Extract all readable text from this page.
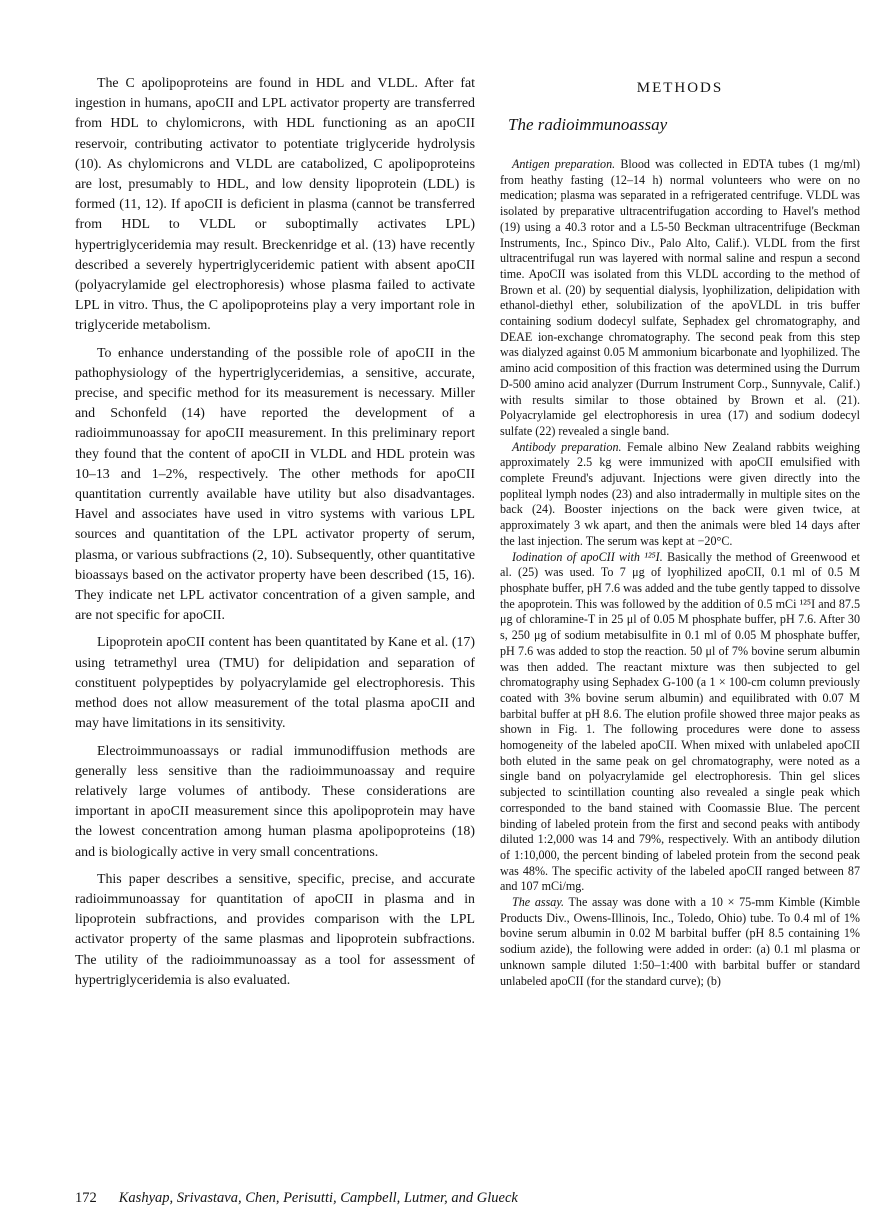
The C apolipoproteins are found in HDL and VLDL. After fat ingestion in humans, apoCII and LPL activator property are transferred from HDL to chylomicrons, with HDL functioning as an apoCII reservoir, contributing activator to potentiate triglyceride hydrolysis (10). As chylomicrons and VLDL are catabolized, C apolipoproteins are lost, presumably to HDL, and low density lipoprotein (LDL) is formed (11, 12). If apoCII is deficient in plasma (cannot be transferred from HDL to VLDL or suboptimally activates LPL) hypertriglyceridemia may result. Breckenridge et al. (13) have recently described a severely hypertriglyceridemic patient with absent apoCII (polyacrylamide gel electrophoresis) whose plasma failed to activate LPL in vitro. Thus, the C apolipoproteins play a very important role in triglyceride metabolism.

To enhance understanding of the possible role of apoCII in the pathophysiology of the hypertriglyceridemias, a sensitive, accurate, precise, and specific method for its measurement is necessary. Miller and Schonfeld (14) have reported the development of a radioimmunoassay for apoCII measurement. In this preliminary report they found that the content of apoCII in VLDL and HDL protein was 10–13 and 1–2%, respectively. The other methods for apoCII quantitation currently available have utility but also disadvantages. Havel and associates have used in vitro systems with various LPL sources and quantitation of the LPL activator property of serum, plasma, or various subfractions (2, 10). Subsequently, other quantitative bioassays based on the activator property have been described (15, 16). They indicate net LPL activator concentration of a given sample, and are not specific for apoCII.

Lipoprotein apoCII content has been quantitated by Kane et al. (17) using tetramethyl urea (TMU) for delipidation and separation of constituent polypeptides by polyacrylamide gel electrophoresis. This method does not allow measurement of the total plasma apoCII and may have limitations in its sensitivity.

Electroimmunoassays or radial immunodiffusion methods are generally less sensitive than the radioimmunoassay and require relatively large volumes of antibody. These considerations are important in apoCII measurement since this apolipoprotein may have the lowest concentration among human plasma apolipoproteins (18) and is biologically active in very small concentrations.

This paper describes a sensitive, specific, precise, and accurate radioimmunoassay for quantitation of apoCII in plasma and in lipoprotein subfractions, and provides comparison with the LPL activator property of the same plasmas and lipoprotein subfractions. The utility of the radioimmunoassay as a tool for assessment of hypertriglyceridemia is also evaluated.

METHODS
The radioimmunoassay

Antigen preparation. Blood was collected in EDTA tubes (1 mg/ml) from heathy fasting (12–14 h) normal volunteers who were on no medication; plasma was separated in a refrigerated centrifuge. VLDL was isolated by preparative ultracentrifugation according to Havel's method (19) using a 40.3 rotor and a L5-50 Beckman ultracentrifuge (Beckman Instruments, Inc., Spinco Div., Palo Alto, Calif.). VLDL from the first ultracentrifugal run was layered with normal saline and respun a second time. ApoCII was isolated from this VLDL according to the method of Brown et al. (20) by sequential dialysis, lyophilization, delipidation with ethanol-diethyl ether, solubilization of the apoVLDL in tris buffer containing sodium dodecyl sulfate, Sephadex gel chromatography, and DEAE ion-exchange chromatography. The second peak from this step was dialyzed against 0.05 M ammonium bicarbonate and lyophilized. The amino acid composition of this fraction was determined using the Durrum D-500 amino acid analyzer (Durrum Instrument Corp., Sunnyvale, Calif.) with results similar to those obtained by Brown et al. (21). Polyacrylamide gel electrophoresis in urea (17) and sodium dodecyl sulfate (22) revealed a single band.

Antibody preparation. Female albino New Zealand rabbits weighing approximately 2.5 kg were immunized with apoCII emulsified with complete Freund's adjuvant. Injections were given directly into the popliteal lymph nodes (23) and also intradermally in multiple sites on the back (24). Booster injections on the back were given twice, at approximately 3 wk apart, and then the animals were bled 14 days after the last injection. The serum was kept at −20°C.

Iodination of apoCII with ¹²⁵I. Basically the method of Greenwood et al. (25) was used. To 7 μg of lyophilized apoCII, 0.1 ml of 0.5 M phosphate buffer, pH 7.6 was added and the tube gently tapped to dissolve the apoprotein. This was followed by the addition of 0.5 mCi ¹²⁵I and 87.5 μg of chloramine-T in 25 μl of 0.05 M phosphate buffer, pH 7.6. After 30 s, 250 μg of sodium metabisulfite in 0.1 ml of 0.05 M phosphate buffer, pH 7.6 was added to stop the reaction. 50 μl of 7% bovine serum albumin was then added. The reactant mixture was then subjected to gel chromatography using Sephadex G-100 (a 1 × 100-cm column previously coated with 3% bovine serum albumin) and equilibrated with 0.07 M barbital buffer at pH 8.6. The elution profile showed three major peaks as shown in Fig. 1. The following procedures were done to assess homogeneity of the labeled apoCII. When mixed with unlabeled apoCII both eluted in the same peak on gel chromatography, were noted as a single band on polyacrylamide gel electrophoresis. Thin gel slices subjected to scintillation counting also revealed a single peak which corresponded to the band stained with Coomassie Blue. The percent binding of labeled protein from the first and second peaks with antibody diluted 1:2,000 was 14 and 79%, respectively. With an antibody dilution of 1:10,000, the percent binding of labeled protein from the second peak was 48%. The specific activity of the labeled apoCII ranged between 87 and 107 mCi/mg.

The assay. The assay was done with a 10 × 75-mm Kimble (Kimble Products Div., Owens-Illinois, Inc., Toledo, Ohio) tube. To 0.4 ml of 1% bovine serum albumin in 0.02 M barbital buffer (pH 8.5 containing 1% sodium azide), the following were added in order: (a) 0.1 ml plasma or unknown sample diluted 1:50–1:400 with barbital buffer or standard unlabeled apoCII (for the standard curve); (b)

172 Kashyap, Srivastava, Chen, Perisutti, Campbell, Lutmer, and Glueck
